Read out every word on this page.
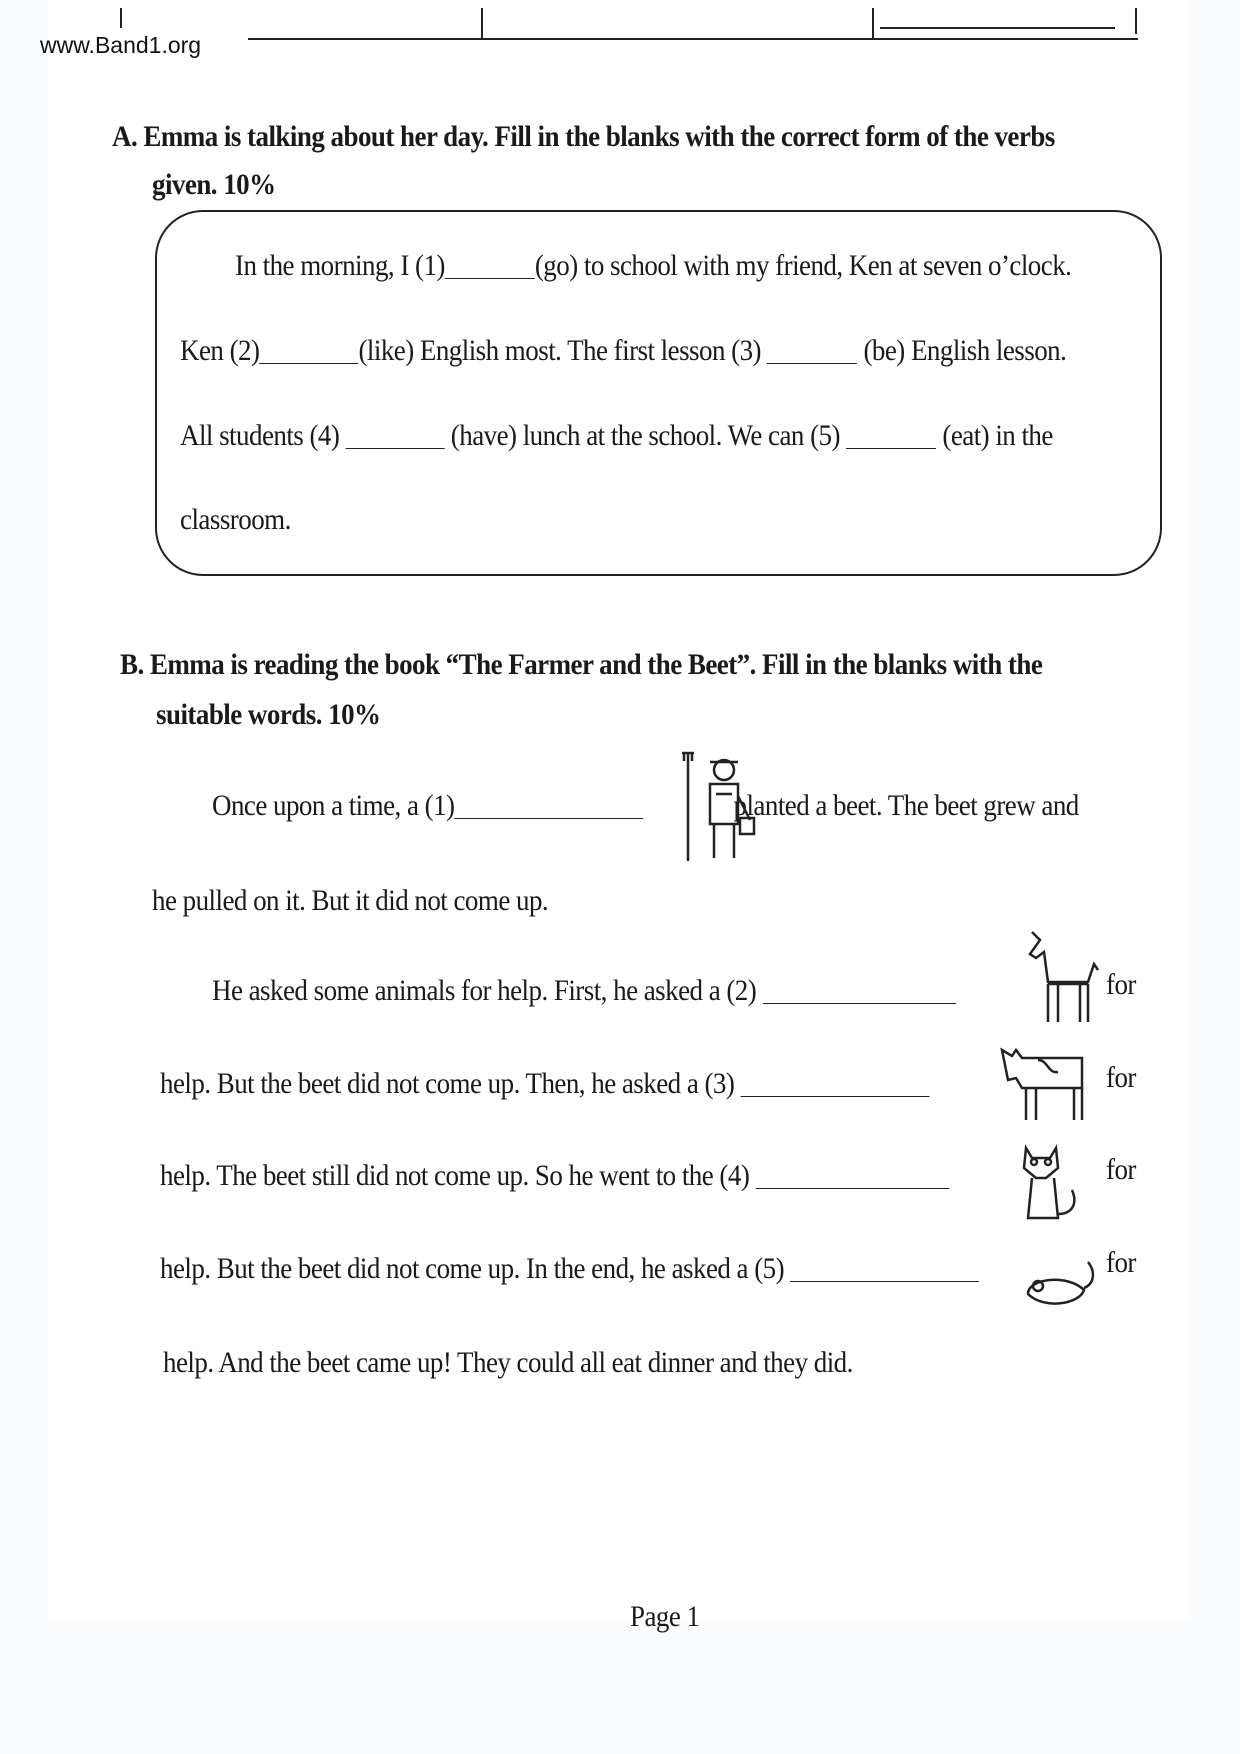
www.Band1.org
A. Emma is talking about her day. Fill in the blanks with the correct form of the verbs
given. 10%
In the morning, I (1)	(go) to school with my friend, Ken at seven o’clock.
Ken (2)	(like) English most. The first lesson (3)	(be) English lesson.
All students (4)	(have) lunch at the school. We can (5)	(eat) in the
classroom.
B. Emma is reading the book “The Farmer and the Beet”. Fill in the blanks with the
suitable words. 10%
Once upon a time, a (1)	planted a beet. The beet grew and
he pulled on it. But it did not come up.
He asked some animals for help. First, he asked a (2)
help. But the beet did not come up. Then, he asked a (3)
help. The beet still did not come up. So he went to the (4)
help. But the beet did not come up. In the end, he asked a (5)
for
for
for
for
help. And the beet came up! They could all eat dinner and they did.
Page 1
